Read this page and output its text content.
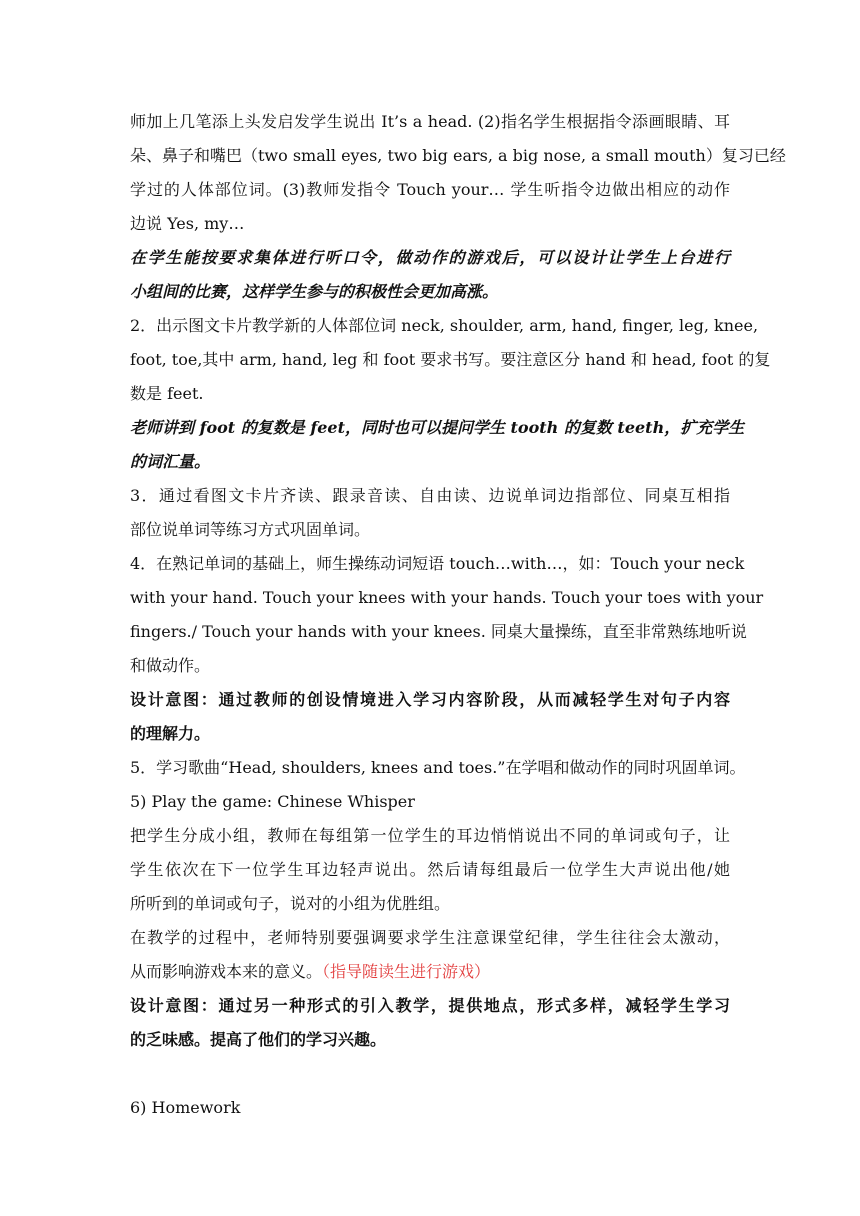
师加上几笔添上头发启发学生说出 It’s a head. (2)指名学生根据指令添画眼睛、耳
朵、鼻子和嘴巴（two small eyes, two big ears, a big nose, a small mouth）复习已经
学过的人体部位词。(3)教师发指令 Touch your… 学生听指令边做出相应的动作
边说 Yes, my…
在学生能按要求集体进行听口令，做动作的游戏后，可以设计让学生上台进行
小组间的比赛，这样学生参与的积极性会更加高涨。
2．出示图文卡片教学新的人体部位词 neck, shoulder, arm, hand, finger, leg, knee,
foot, toe,其中 arm, hand, leg 和 foot 要求书写。要注意区分 hand 和 head, foot 的复
数是 feet.
老师讲到 foot 的复数是 feet，同时也可以提问学生 tooth 的复数 teeth，扩充学生
的词汇量。
3．通过看图文卡片齐读、跟录音读、自由读、边说单词边指部位、同桌互相指
部位说单词等练习方式巩固单词。
4．在熟记单词的基础上，师生操练动词短语 touch…with…，如：Touch your neck
with your hand. Touch your knees with your hands. Touch your toes with your
fingers./ Touch your hands with your knees. 同桌大量操练，直至非常熟练地听说
和做动作。
设计意图：通过教师的创设情境进入学习内容阶段，从而减轻学生对句子内容
的理解力。
5．学习歌曲“Head, shoulders, knees and toes.”在学唱和做动作的同时巩固单词。
5) Play the game: Chinese Whisper
把学生分成小组，教师在每组第一位学生的耳边悄悄说出不同的单词或句子，让
学生依次在下一位学生耳边轻声说出。然后请每组最后一位学生大声说出他/她
所听到的单词或句子，说对的小组为优胜组。
在教学的过程中，老师特别要强调要求学生注意课堂纪律，学生往往会太激动，
从而影响游戏本来的意义。（指导随读生进行游戏）
设计意图：通过另一种形式的引入教学，提供地点，形式多样，减轻学生学习
的乏味感。提高了他们的学习兴趣。
6) Homework
